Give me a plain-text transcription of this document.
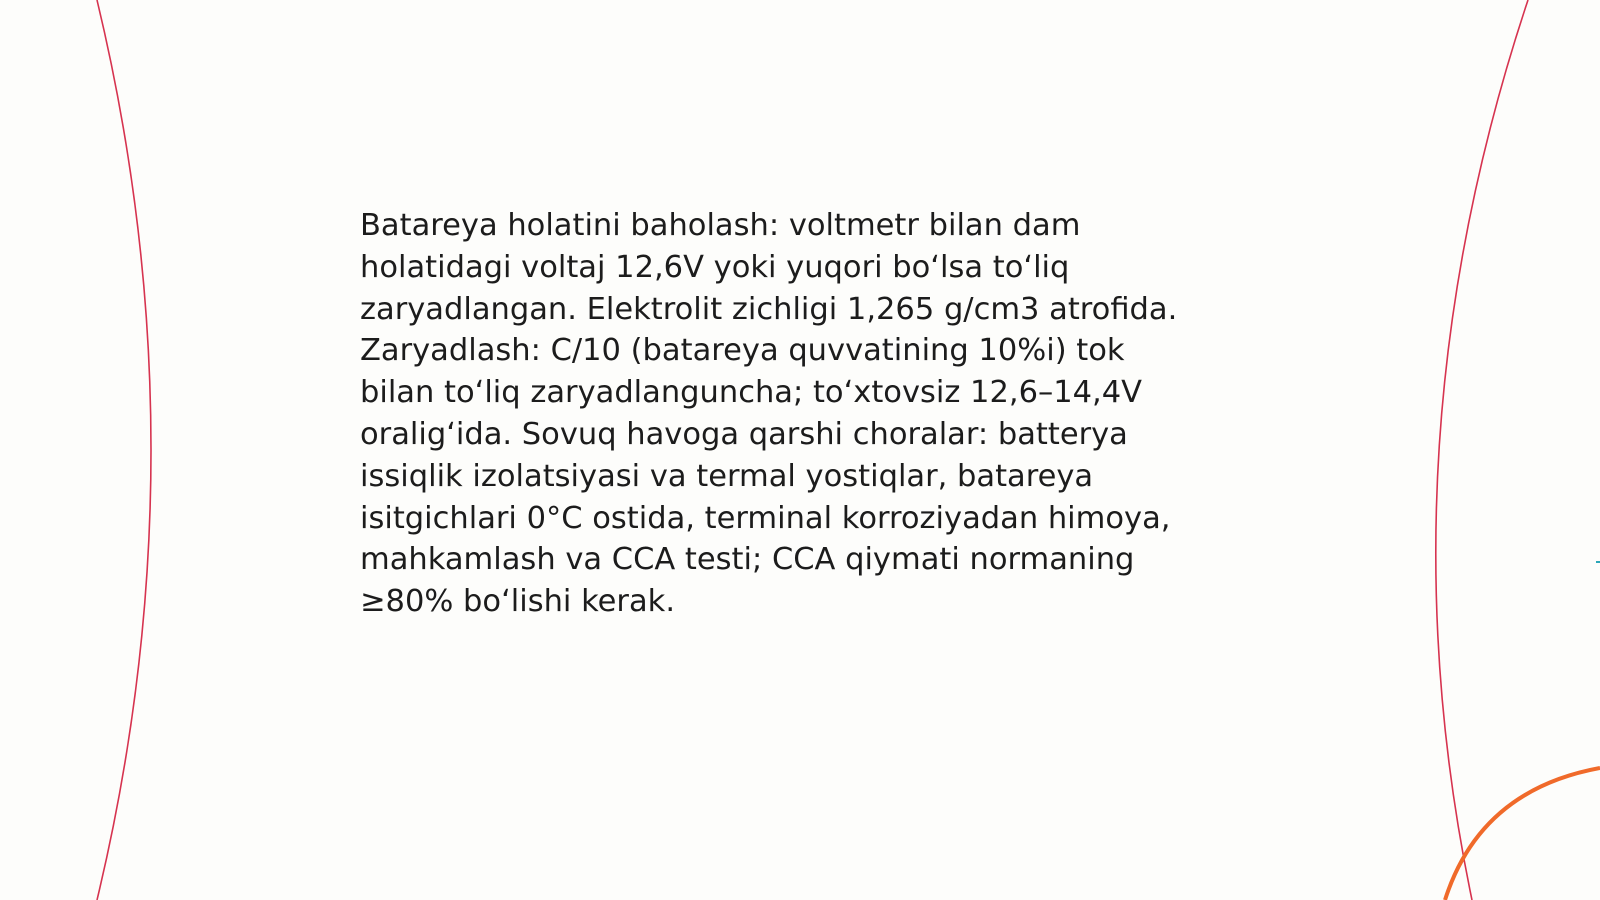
Batareya holatini baholash: voltmetr bilan dam
holatidagi voltaj 12,6V yoki yuqori bo‘lsa to‘liq
zaryadlangan. Elektrolit zichligi 1,265 g/cm3 atrofida.
Zaryadlash: C/10 (batareya quvvatining 10%i) tok
bilan to‘liq zaryadlanguncha; to‘xtovsiz 12,6–14,4V
oralig‘ida. Sovuq havoga qarshi choralar: batterya
issiqlik izolatsiyasi va termal yostiqlar, batareya
isitgichlari 0°C ostida, terminal korroziyadan himoya,
mahkamlash va CCA testi; CCA qiymati normaning
≥80% bo‘lishi kerak.
